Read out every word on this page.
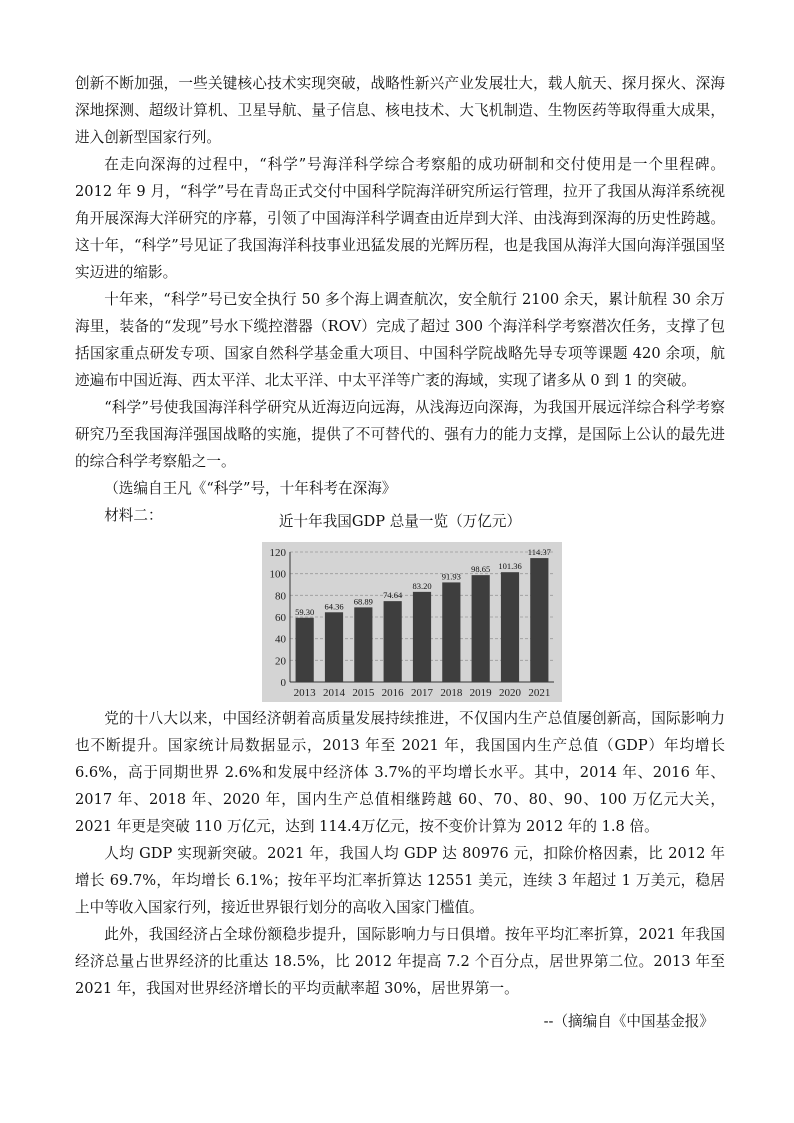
创新不断加强，一些关键核心技术实现突破，战略性新兴产业发展壮大，载人航天、探月探火、深海深地探测、超级计算机、卫星导航、量子信息、核电技术、大飞机制造、生物医药等取得重大成果，进入创新型国家行列。

在走向深海的过程中，“科学”号海洋科学综合考察船的成功研制和交付使用是一个里程碑。2012 年 9 月，“科学”号在青岛正式交付中国科学院海洋研究所运行管理，拉开了我国从海洋系统视角开展深海大洋研究的序幕，引领了中国海洋科学调查由近岸到大洋、由浅海到深海的历史性跨越。这十年，“科学”号见证了我国海洋科技事业迅猛发展的光辉历程，也是我国从海洋大国向海洋强国坚实迈进的缩影。

十年来，“科学”号已安全执行 50 多个海上调查航次，安全航行 2100 余天，累计航程 30 余万海里，装备的“发现”号水下缆控潜器（ROV）完成了超过 300 个海洋科学考察潜次任务，支撑了包括国家重点研发专项、国家自然科学基金重大项目、中国科学院战略先导专项等课题 420 余项，航迹遍布中国近海、西太平洋、北太平洋、中太平洋等广袤的海域，实现了诸多从 0 到 1 的突破。

“科学”号使我国海洋科学研究从近海迈向远海，从浅海迈向深海，为我国开展远洋综合科学考察研究乃至我国海洋强国战略的实施，提供了不可替代的、强有力的能力支撑，是国际上公认的最先进的综合科学考察船之一。

（选编自王凡《“科学”号，十年科考在深海》

材料二：	近十年我国GDP 总量一览（万亿元）
0
20
40
60
80
100
120
59.30
2013
64.36
2014
68.89
2015
74.64
2016
83.20
2017
91.93
2018
98.65
2019
101.36
2020
114.37
2021

党的十八大以来，中国经济朝着高质量发展持续推进，不仅国内生产总值屡创新高，国际影响力也不断提升。国家统计局数据显示，2013 年至 2021 年，我国国内生产总值（GDP）年均增长 6.6%，高于同期世界 2.6%和发展中经济体 3.7%的平均增长水平。其中，2014 年、2016 年、2017 年、2018 年、2020 年，国内生产总值相继跨越 60、70、80、90、100 万亿元大关，2021 年更是突破 110 万亿元，达到 114.4万亿元，按不变价计算为 2012 年的 1.8 倍。

人均 GDP 实现新突破。2021 年，我国人均 GDP 达 80976 元，扣除价格因素，比 2012 年增长 69.7%，年均增长 6.1%；按年平均汇率折算达 12551 美元，连续 3 年超过 1 万美元，稳居上中等收入国家行列，接近世界银行划分的高收入国家门槛值。

此外，我国经济占全球份额稳步提升，国际影响力与日俱增。按年平均汇率折算，2021 年我国经济总量占世界经济的比重达 18.5%，比 2012 年提高 7.2 个百分点，居世界第二位。2013 年至 2021 年，我国对世界经济增长的平均贡献率超 30%，居世界第一。

--（摘编自《中国基金报》
